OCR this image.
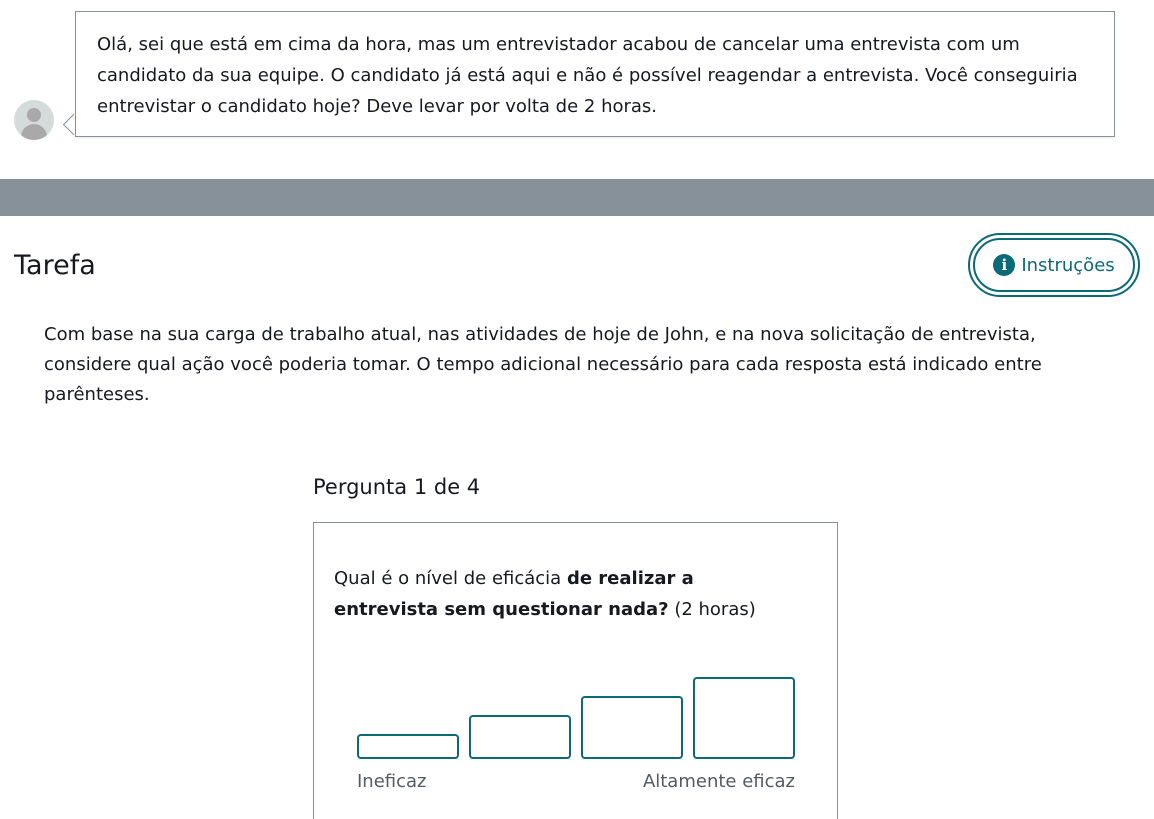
Olá, sei que está em cima da hora, mas um entrevistador acabou de cancelar uma entrevista com um candidato da sua equipe. O candidato já está aqui e não é possível reagendar a entrevista. Você conseguiria entrevistar o candidato hoje? Deve levar por volta de 2 horas.
Tarefa	i Instruções
Com base na sua carga de trabalho atual, nas atividades de hoje de John, e na nova solicitação de entrevista, considere qual ação você poderia tomar. O tempo adicional necessário para cada resposta está indicado entre parênteses.
Pergunta 1 de 4
Qual é o nível de eficácia de realizar a entrevista sem questionar nada? (2 horas)
Ineficaz	Altamente eficaz
